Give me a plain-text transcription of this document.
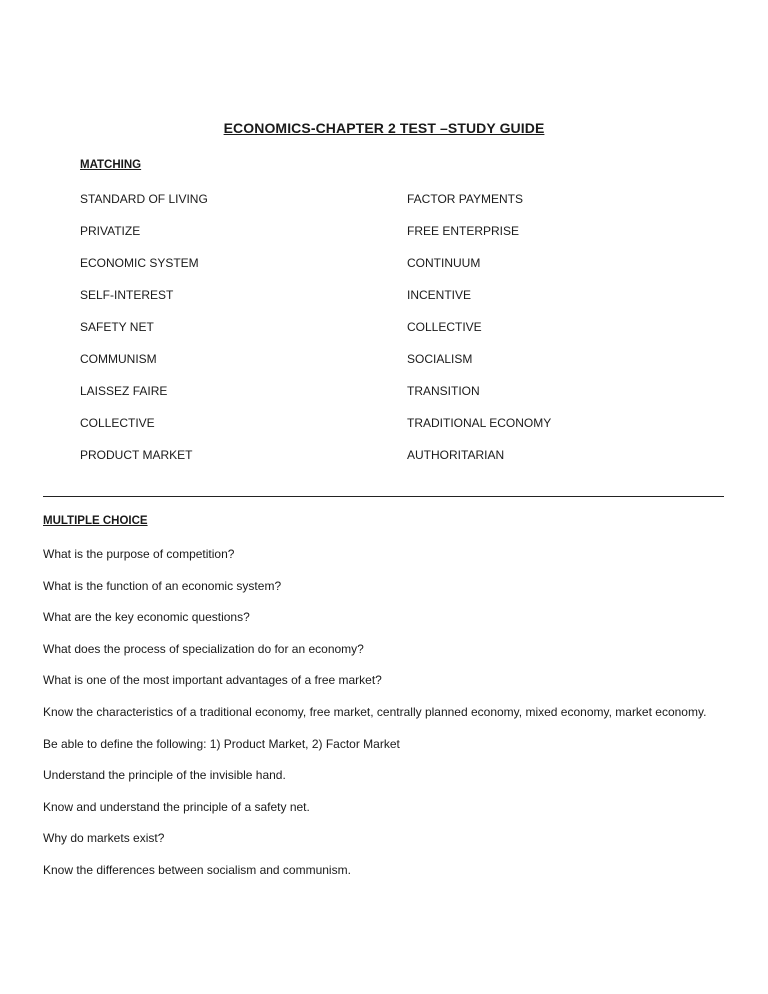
ECONOMICS-CHAPTER 2 TEST –STUDY GUIDE
MATCHING
STANDARD OF LIVING	FACTOR PAYMENTS
PRIVATIZE	FREE ENTERPRISE
ECONOMIC SYSTEM	CONTINUUM
SELF-INTEREST	INCENTIVE
SAFETY NET	COLLECTIVE
COMMUNISM	SOCIALISM
LAISSEZ FAIRE	TRANSITION
COLLECTIVE	TRADITIONAL ECONOMY
PRODUCT MARKET	AUTHORITARIAN
MULTIPLE CHOICE
What is the purpose of competition?
What is the function of an economic system?
What are the key economic questions?
What does the process of specialization do for an economy?
What is one of the most important advantages of a free market?
Know the characteristics of a traditional economy, free market, centrally planned economy, mixed economy, market economy.
Be able to define the following: 1) Product Market, 2) Factor Market
Understand the principle of the invisible hand.
Know and understand the principle of a safety net.
Why do markets exist?
Know the differences between socialism and communism.
